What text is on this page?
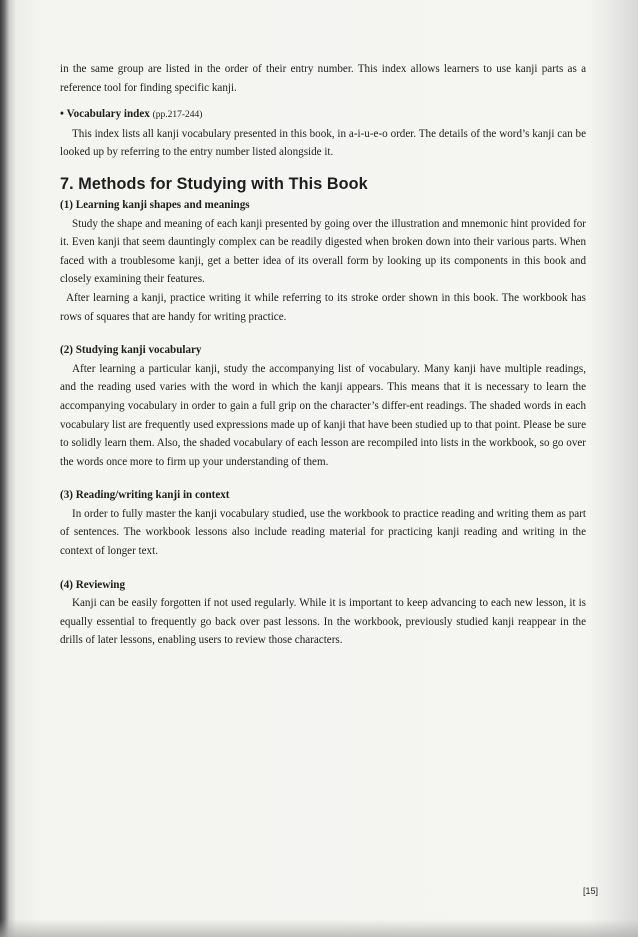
in the same group are listed in the order of their entry number. This index allows learners to use kanji parts as a reference tool for finding specific kanji.

• Vocabulary index (pp.217-244)

This index lists all kanji vocabulary presented in this book, in a-i-u-e-o order. The details of the word’s kanji can be looked up by referring to the entry number listed alongside it.

7. Methods for Studying with This Book
(1) Learning kanji shapes and meanings

Study the shape and meaning of each kanji presented by going over the illustration and mnemonic hint provided for it. Even kanji that seem dauntingly complex can be readily digested when broken down into their various parts. When faced with a troublesome kanji, get a better idea of its overall form by looking up its components in this book and closely examining their features.

After learning a kanji, practice writing it while referring to its stroke order shown in this book. The workbook has rows of squares that are handy for writing practice.

(2) Studying kanji vocabulary

After learning a particular kanji, study the accompanying list of vocabulary. Many kanji have multiple readings, and the reading used varies with the word in which the kanji appears. This means that it is necessary to learn the accompanying vocabulary in order to gain a full grip on the character’s differ-ent readings. The shaded words in each vocabulary list are frequently used expressions made up of kanji that have been studied up to that point. Please be sure to solidly learn them. Also, the shaded vocabulary of each lesson are recompiled into lists in the workbook, so go over the words once more to firm up your understanding of them.

(3) Reading/writing kanji in context

In order to fully master the kanji vocabulary studied, use the workbook to practice reading and writing them as part of sentences. The workbook lessons also include reading material for practicing kanji reading and writing in the context of longer text.

(4) Reviewing

Kanji can be easily forgotten if not used regularly. While it is important to keep advancing to each new lesson, it is equally essential to frequently go back over past lessons. In the workbook, previously studied kanji reappear in the drills of later lessons, enabling users to review those characters.

[15]
